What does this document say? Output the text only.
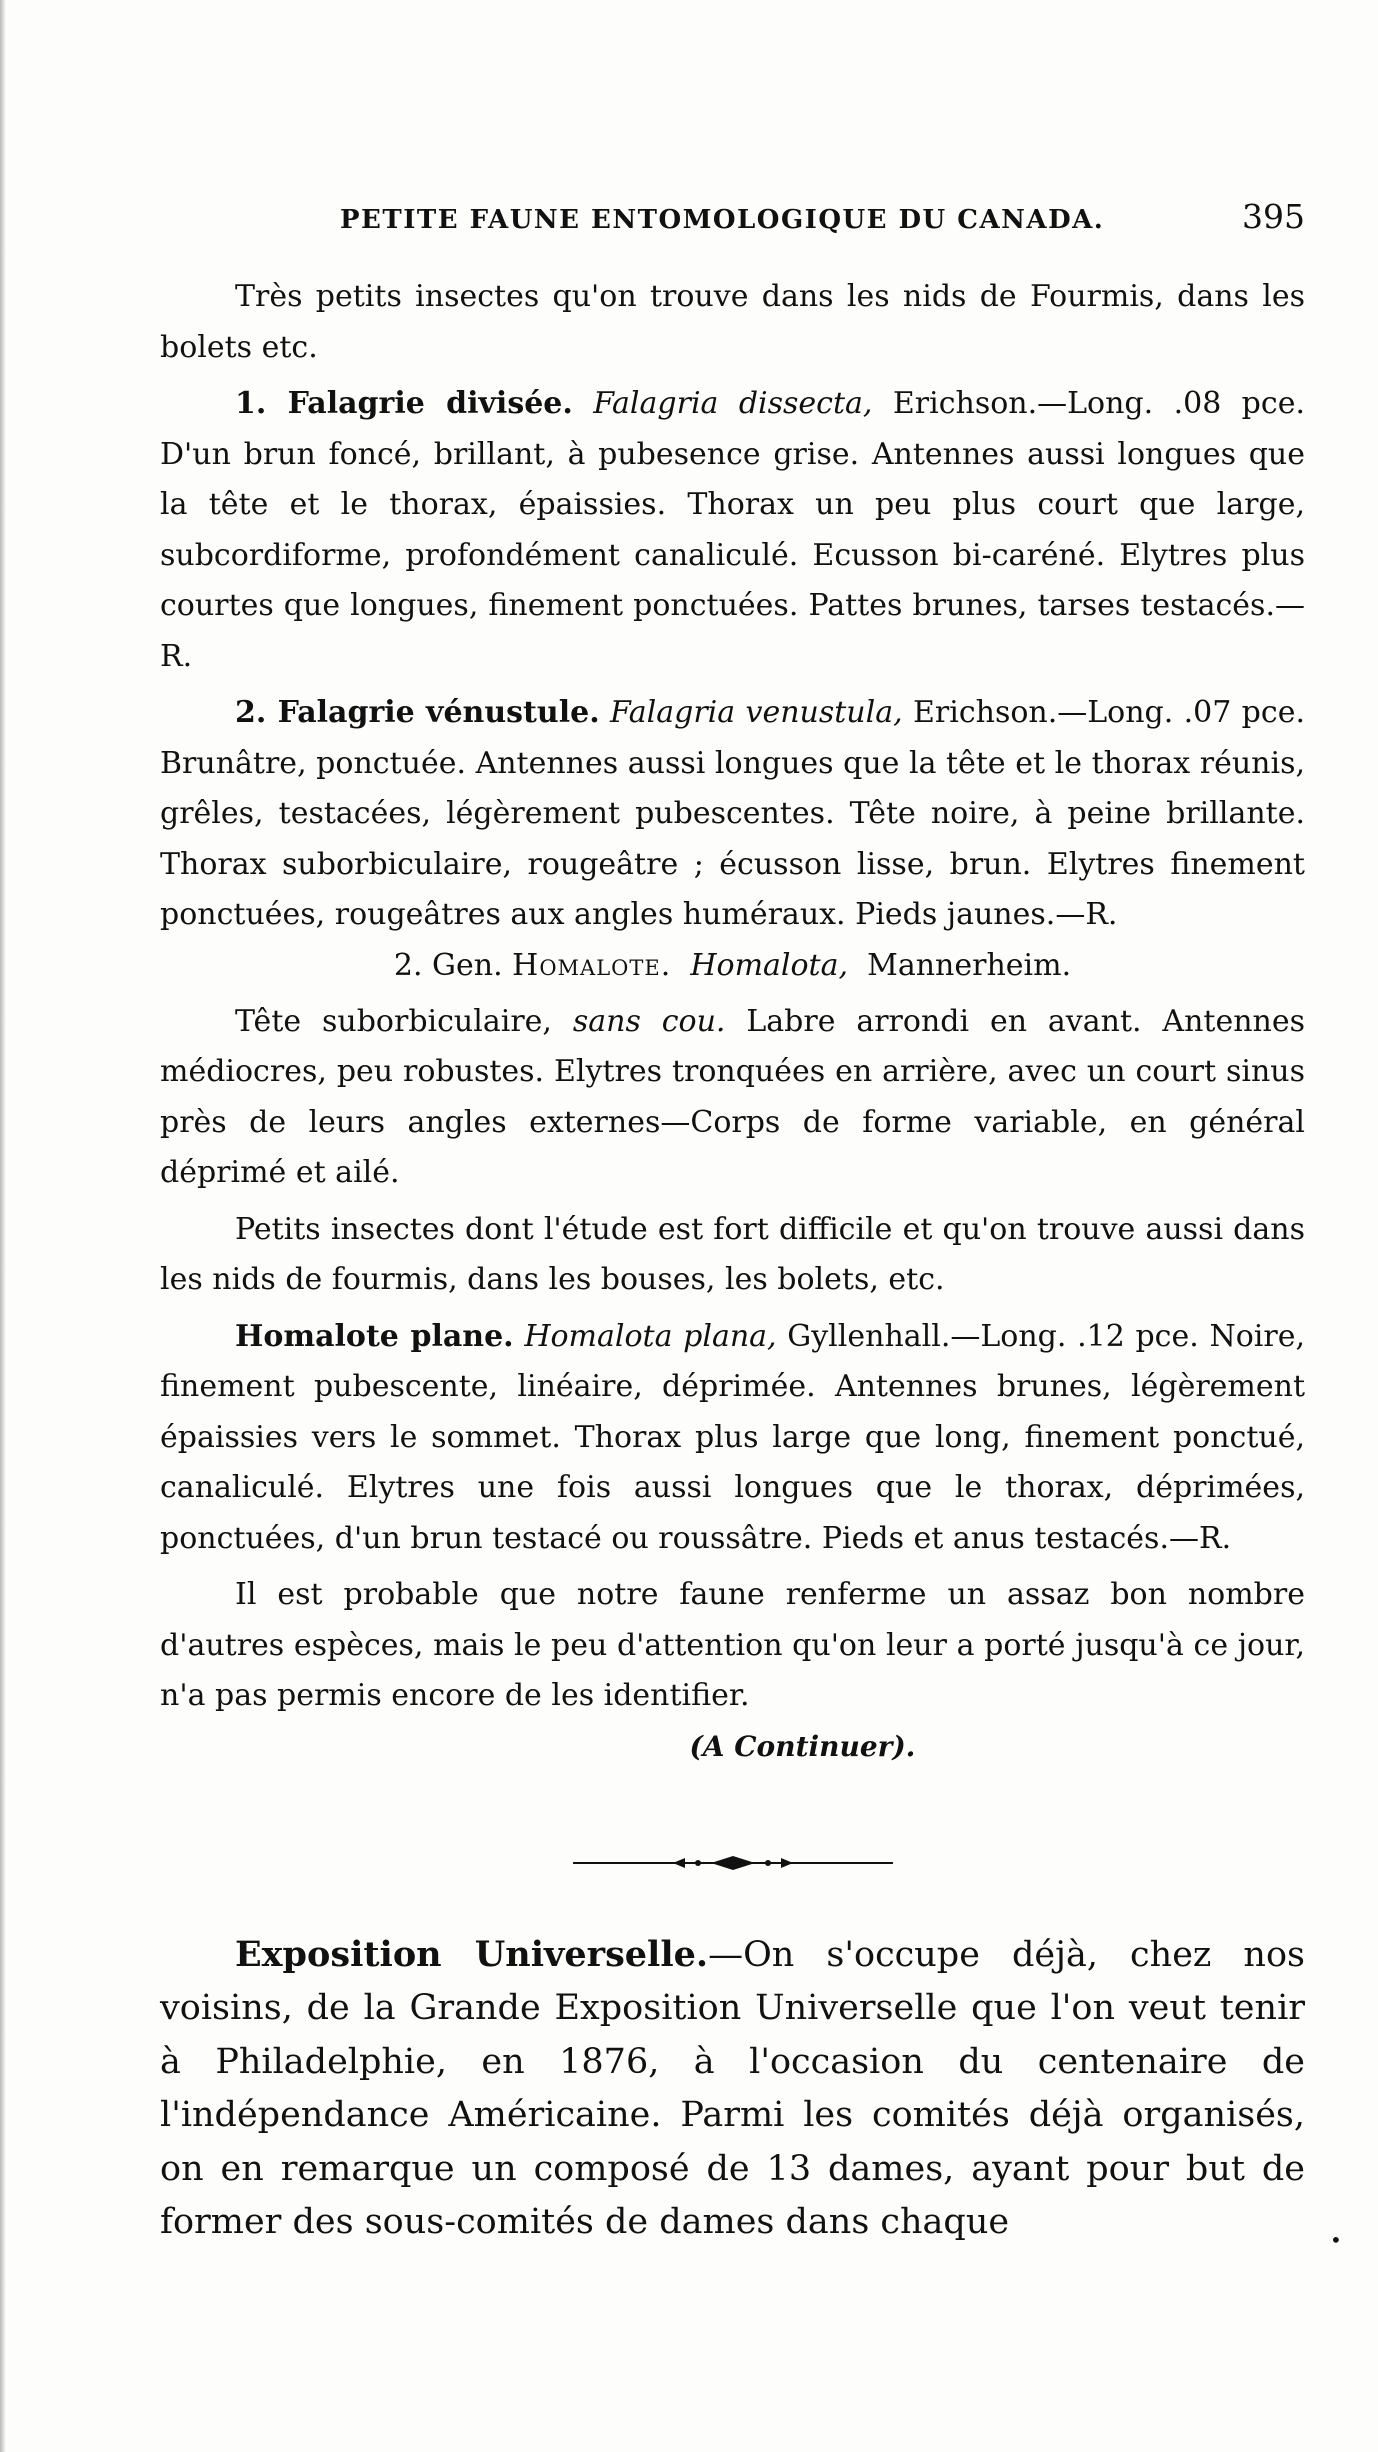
PETITE FAUNE ENTOMOLOGIQUE DU CANADA.	395

Très petits insectes qu'on trouve dans les nids de Fourmis, dans les bolets etc.

1. Falagrie divisée. Falagria dissecta, Erichson.—Long. .08 pce. D'un brun foncé, brillant, à pubesence grise. Antennes aussi longues que la tête et le thorax, épaissies. Thorax un peu plus court que large, subcordiforme, profondément canaliculé. Ecusson bi-caréné. Elytres plus courtes que longues, finement ponctuées. Pattes brunes, tarses testacés.—R.

2. Falagrie vénustule. Falagria venustula, Erichson.—Long. .07 pce. Brunâtre, ponctuée. Antennes aussi longues que la tête et le thorax réunis, grêles, testacées, légèrement pubescentes. Tête noire, à peine brillante. Thorax suborbiculaire, rougeâtre ; écusson lisse, brun. Elytres finement ponctuées, rougeâtres aux angles huméraux. Pieds jaunes.—R.

2. Gen. Homalote. Homalota, Mannerheim.

Tête suborbiculaire, sans cou. Labre arrondi en avant. Antennes médiocres, peu robustes. Elytres tronquées en arrière, avec un court sinus près de leurs angles externes—Corps de forme variable, en général déprimé et ailé.

Petits insectes dont l'étude est fort difficile et qu'on trouve aussi dans les nids de fourmis, dans les bouses, les bolets, etc.

Homalote plane. Homalota plana, Gyllenhall.—Long. .12 pce. Noire, finement pubescente, linéaire, déprimée. Antennes brunes, légèrement épaissies vers le sommet. Thorax plus large que long, finement ponctué, canaliculé. Elytres une fois aussi longues que le thorax, déprimées, ponctuées, d'un brun testacé ou roussâtre. Pieds et anus testacés.—R.

Il est probable que notre faune renferme un assaz bon nombre d'autres espèces, mais le peu d'attention qu'on leur a porté jusqu'à ce jour, n'a pas permis encore de les identifier.

(A Continuer).

Exposition Universelle.—On s'occupe déjà, chez nos voisins, de la Grande Exposition Universelle que l'on veut tenir à Philadelphie, en 1876, à l'occasion du centenaire de l'indépendance Américaine. Parmi les comités déjà organisés, on en remarque un composé de 13 dames, ayant pour but de former des sous-comités de dames dans chaque	•
